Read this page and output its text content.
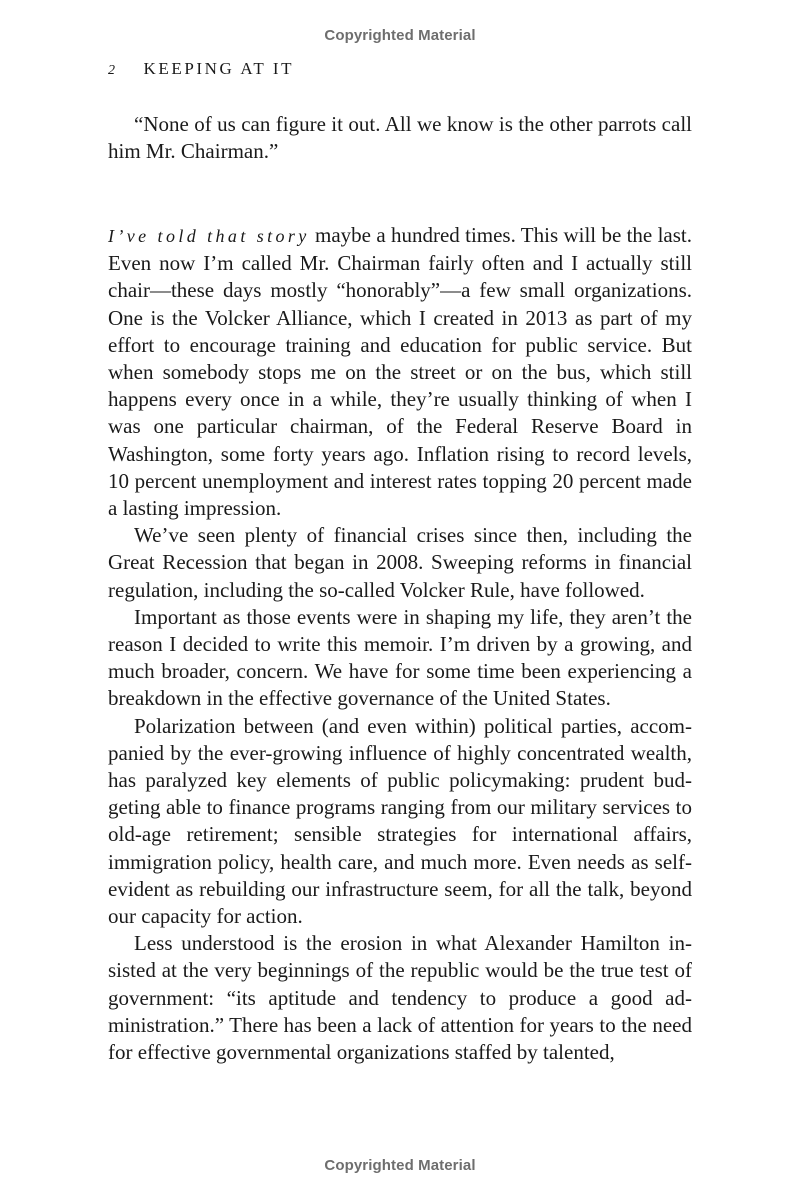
Copyrighted Material
2 KEEPING AT IT

“None of us can figure it out. All we know is the other parrots call him Mr. Chairman.”

I’ve told that story maybe a hundred times. This will be the last. Even now I’m called Mr. Chairman fairly often and I actually still chair—these days mostly “honorably”—a few small organizations. One is the Volcker Alliance, which I created in 2013 as part of my effort to encourage training and education for public service. But when somebody stops me on the street or on the bus, which still happens every once in a while, they’re usually thinking of when I was one particular chairman, of the Federal Reserve Board in Washington, some forty years ago. Inflation rising to record levels, 10 percent unemployment and interest rates topping 20 percent made a lasting impression.

We’ve seen plenty of financial crises since then, including the Great Recession that began in 2008. Sweeping reforms in financial regulation, including the so-called Volcker Rule, have followed.

Important as those events were in shaping my life, they aren’t the reason I decided to write this memoir. I’m driven by a growing, and much broader, concern. We have for some time been experiencing a breakdown in the effective governance of the United States.

Polarization between (and even within) political parties, accompanied by the ever-growing influence of highly concentrated wealth, has paralyzed key elements of public policymaking: prudent budgeting able to finance programs ranging from our military services to old-age retirement; sensible strategies for international affairs, immigration policy, health care, and much more. Even needs as self-evident as rebuilding our infrastructure seem, for all the talk, beyond our capacity for action.

Less understood is the erosion in what Alexander Hamilton insisted at the very beginnings of the republic would be the true test of government: “its aptitude and tendency to produce a good administration.” There has been a lack of attention for years to the need for effective governmental organizations staffed by talented,

Copyrighted Material
